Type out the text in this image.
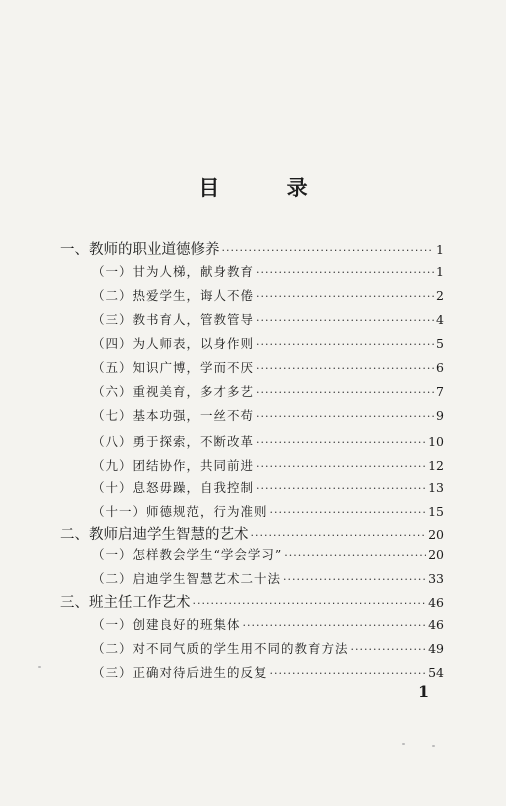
目 录
一、教师的职业道德修养 ·····	1
（一）甘为人梯，献身教育 ·····	1
（二）热爱学生，诲人不倦 ·····	2
（三）教书育人，管教管导 ·····	4
（四）为人师表，以身作则 ·····	5
（五）知识广博，学而不厌 ·····	6
（六）重视美育，多才多艺 ·····	7
（七）基本功强，一丝不苟 ·····	9
（八）勇于探索，不断改革 ·····	10
（九）团结协作，共同前进 ·····	12
（十）息怒毋躁，自我控制 ·····	13
（十一）师德规范，行为准则 ·····	15
二、教师启迪学生智慧的艺术 ·····	20
（一）怎样教会学生“学会学习” ·····	20
（二）启迪学生智慧艺术二十法 ·····	33
三、班主任工作艺术 ·····	46
（一）创建良好的班集体 ·····	46
（二）对不同气质的学生用不同的教育方法 ·····	49
（三）正确对待后进生的反复 ·····	54
1
